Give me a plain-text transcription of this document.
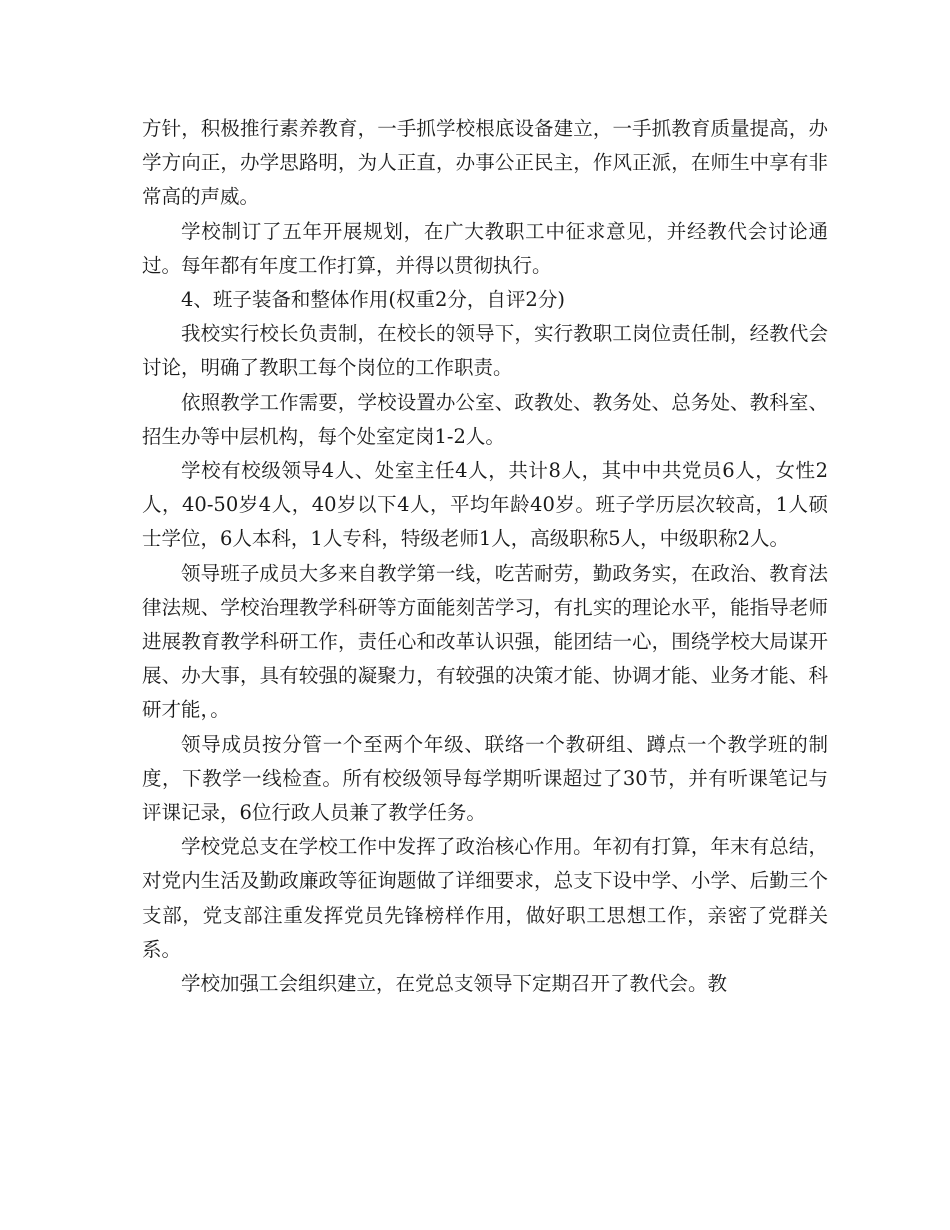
方针，积极推行素养教育，一手抓学校根底设备建立，一手抓教育质量提高，办学方向正，办学思路明，为人正直，办事公正民主，作风正派，在师生中享有非常高的声威。

学校制订了五年开展规划，在广大教职工中征求意见，并经教代会讨论通过。每年都有年度工作打算，并得以贯彻执行。

4、班子装备和整体作用(权重2分，自评2分)

我校实行校长负责制，在校长的领导下，实行教职工岗位责任制，经教代会讨论，明确了教职工每个岗位的工作职责。

依照教学工作需要，学校设置办公室、政教处、教务处、总务处、教科室、招生办等中层机构，每个处室定岗1-2人。

学校有校级领导4人、处室主任4人，共计8人，其中中共党员6人，女性2人，40-50岁4人，40岁以下4人，平均年龄40岁。班子学历层次较高，1人硕士学位，6人本科，1人专科，特级老师1人，高级职称5人，中级职称2人。

领导班子成员大多来自教学第一线，吃苦耐劳，勤政务实，在政治、教育法律法规、学校治理教学科研等方面能刻苦学习，有扎实的理论水平，能指导老师进展教育教学科研工作，责任心和改革认识强，能团结一心，围绕学校大局谋开展、办大事，具有较强的凝聚力，有较强的决策才能、协调才能、业务才能、科研才能，。

领导成员按分管一个至两个年级、联络一个教研组、蹲点一个教学班的制度，下教学一线检查。所有校级领导每学期听课超过了30节，并有听课笔记与评课记录，6位行政人员兼了教学任务。

学校党总支在学校工作中发挥了政治核心作用。年初有打算，年末有总结，对党内生活及勤政廉政等征询题做了详细要求，总支下设中学、小学、后勤三个支部，党支部注重发挥党员先锋榜样作用，做好职工思想工作，亲密了党群关系。

学校加强工会组织建立，在党总支领导下定期召开了教代会。教
